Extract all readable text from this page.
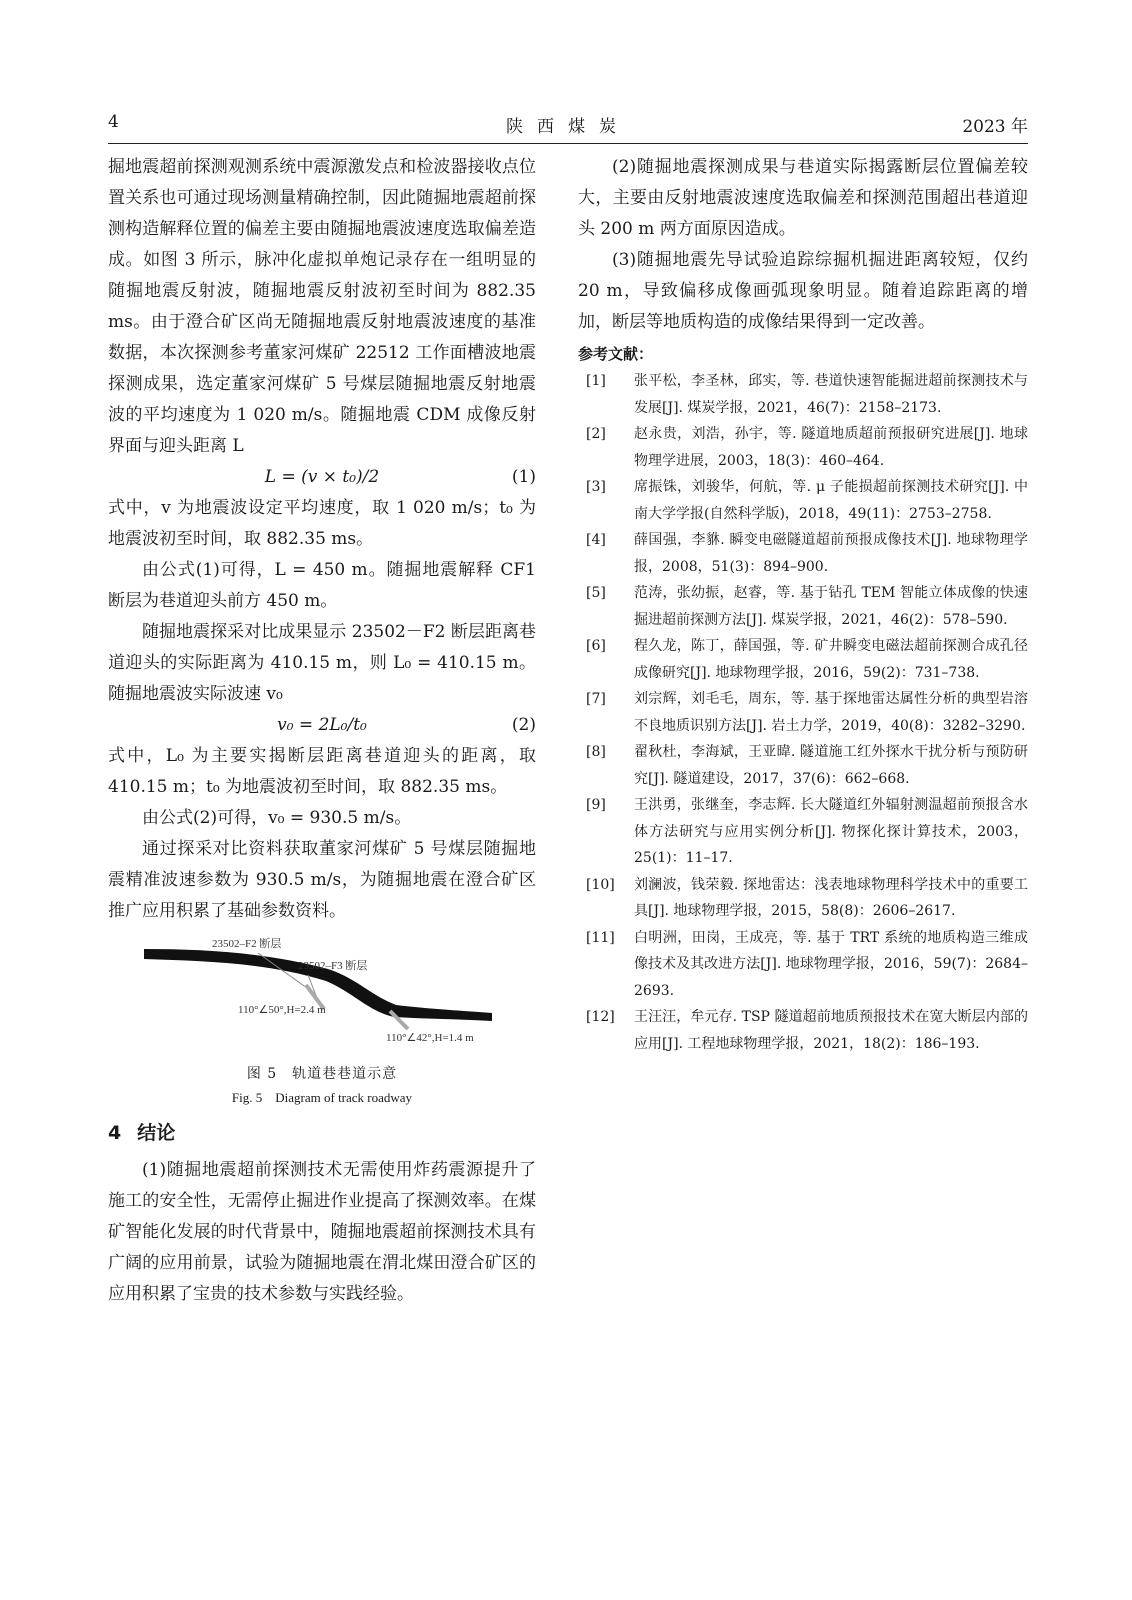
4	陕西煤炭	2023 年

掘地震超前探测观测系统中震源激发点和检波器接收点位置关系也可通过现场测量精确控制，因此随掘地震超前探测构造解释位置的偏差主要由随掘地震波速度选取偏差造成。如图 3 所示，脉冲化虚拟单炮记录存在一组明显的随掘地震反射波，随掘地震反射波初至时间为 882.35 ms。由于澄合矿区尚无随掘地震反射地震波速度的基准数据，本次探测参考董家河煤矿 22512 工作面槽波地震探测成果，选定董家河煤矿 5 号煤层随掘地震反射地震波的平均速度为 1 020 m/s。随掘地震 CDM 成像反射界面与迎头距离 L

L = (v × t₀)/2	(1)

式中，v 为地震波设定平均速度，取 1 020 m/s；t₀ 为地震波初至时间，取 882.35 ms。

由公式(1)可得，L = 450 m。随掘地震解释 CF1 断层为巷道迎头前方 450 m。

随掘地震探采对比成果显示 23502－F2 断层距离巷道迎头的实际距离为 410.15 m，则 L₀ = 410.15 m。随掘地震波实际波速 v₀

v₀ = 2L₀/t₀	(2)

式中，L₀ 为主要实揭断层距离巷道迎头的距离，取 410.15 m；t₀ 为地震波初至时间，取 882.35 ms。

由公式(2)可得，v₀ = 930.5 m/s。

通过探采对比资料获取董家河煤矿 5 号煤层随掘地震精准波速参数为 930.5 m/s，为随掘地震在澄合矿区推广应用积累了基础参数资料。

23502–F2 断层
23502–F3 断层
110°∠50°,H=2.4 m
110°∠42°,H=1.4 m
图 5　轨道巷巷道示意
Fig. 5　Diagram of track roadway
4 结论

(1)随掘地震超前探测技术无需使用炸药震源提升了施工的安全性，无需停止掘进作业提高了探测效率。在煤矿智能化发展的时代背景中，随掘地震超前探测技术具有广阔的应用前景，试验为随掘地震在渭北煤田澄合矿区的应用积累了宝贵的技术参数与实践经验。

(2)随掘地震探测成果与巷道实际揭露断层位置偏差较大，主要由反射地震波速度选取偏差和探测范围超出巷道迎头 200 m 两方面原因造成。

(3)随掘地震先导试验追踪综掘机掘进距离较短，仅约 20 m，导致偏移成像画弧现象明显。随着追踪距离的增加，断层等地质构造的成像结果得到一定改善。

参考文献：
[1]	张平松，李圣林，邱实，等. 巷道快速智能掘进超前探测技术与发展[J]. 煤炭学报，2021，46(7)：2158–2173.
[2]	赵永贵，刘浩，孙宇，等. 隧道地质超前预报研究进展[J]. 地球物理学进展，2003，18(3)：460–464.
[3]	席振铢，刘骏华，何航，等. μ 子能损超前探测技术研究[J]. 中南大学学报(自然科学版)，2018，49(11)：2753–2758.
[4]	薛国强，李貅. 瞬变电磁隧道超前预报成像技术[J]. 地球物理学报，2008，51(3)：894–900.
[5]	范涛，张幼振，赵睿，等. 基于钻孔 TEM 智能立体成像的快速掘进超前探测方法[J]. 煤炭学报，2021，46(2)：578–590.
[6]	程久龙，陈丁，薛国强，等. 矿井瞬变电磁法超前探测合成孔径成像研究[J]. 地球物理学报，2016，59(2)：731–738.
[7]	刘宗辉，刘毛毛，周东，等. 基于探地雷达属性分析的典型岩溶不良地质识别方法[J]. 岩土力学，2019，40(8)：3282–3290.
[8]	翟秋杜，李海斌，王亚暐. 隧道施工红外探水干扰分析与预防研究[J]. 隧道建设，2017，37(6)：662–668.
[9]	王洪勇，张继奎，李志辉. 长大隧道红外辐射测温超前预报含水体方法研究与应用实例分析[J]. 物探化探计算技术，2003，25(1)：11–17.
[10]	刘澜波，钱荣毅. 探地雷达：浅表地球物理科学技术中的重要工具[J]. 地球物理学报，2015，58(8)：2606–2617.
[11]	白明洲，田岗，王成亮，等. 基于 TRT 系统的地质构造三维成像技术及其改进方法[J]. 地球物理学报，2016，59(7)：2684–2693.
[12]	王汪汪，牟元存. TSP 隧道超前地质预报技术在宽大断层内部的应用[J]. 工程地球物理学报，2021，18(2)：186–193.
